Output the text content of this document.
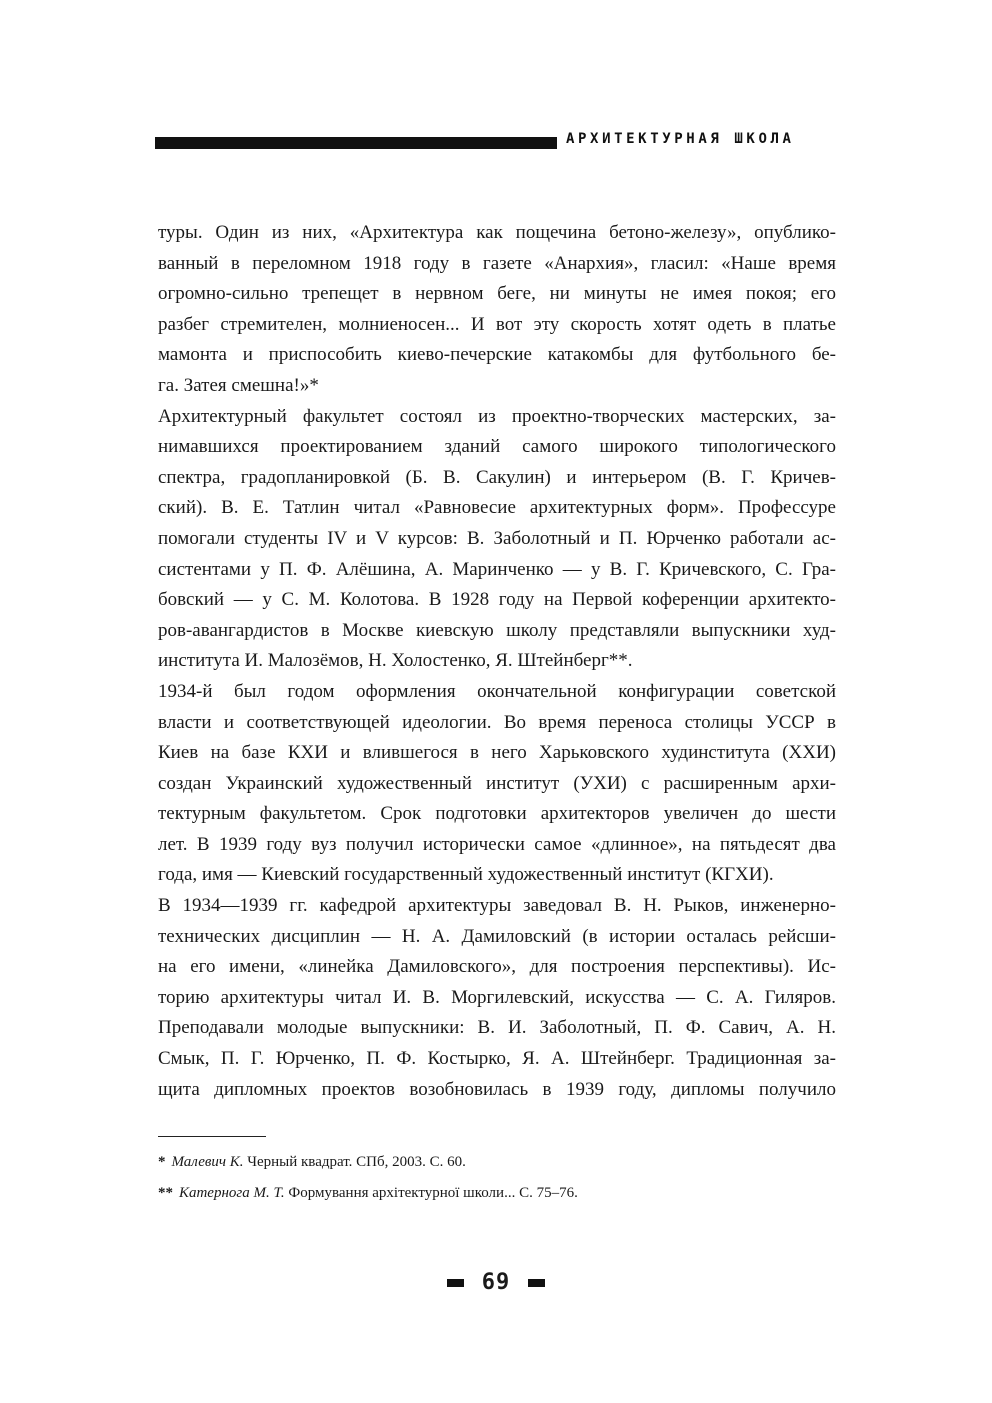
АРХИТЕКТУРНАЯ ШКОЛА
туры. Один из них, «Архитектура как пощечина бетоно-железу», опублико-
ванный в переломном 1918 году в газете «Анархия», гласил: «Наше время
огромно-сильно трепещет в нервном беге, ни минуты не имея покоя; его
разбег стремителен, молниеносен... И вот эту скорость хотят одеть в платье
мамонта и приспособить киево-печерские катакомбы для футбольного бе-
га. Затея смешна!»*
Архитектурный факультет состоял из проектно-творческих мастерских, за-
нимавшихся проектированием зданий самого широкого типологического
спектра, градопланировкой (Б. В. Сакулин) и интерьером (В. Г. Кричев-
ский). В. Е. Татлин читал «Равновесие архитектурных форм». Профессуре
помогали студенты IV и V курсов: В. Заболотный и П. Юрченко работали ас-
систентами у П. Ф. Алёшина, А. Маринченко — у В. Г. Кричевского, С. Гра-
бовский — у С. М. Колотова. В 1928 году на Первой коференции архитекто-
ров-авангардистов в Москве киевскую школу представляли выпускники худ-
института И. Малозёмов, Н. Холостенко, Я. Штейнберг**.
1934-й был годом оформления окончательной конфигурации советской
власти и соответствующей идеологии. Во время переноса столицы УССР в
Киев на базе КХИ и влившегося в него Харьковского худинститута (ХХИ)
создан Украинский художественный институт (УХИ) с расширенным архи-
тектурным факультетом. Срок подготовки архитекторов увеличен до шести
лет. В 1939 году вуз получил исторически самое «длинное», на пятьдесят два
года, имя — Киевский государственный художественный институт (КГХИ).
В 1934—1939 гг. кафедрой архитектуры заведовал В. Н. Рыков, инженерно-
технических дисциплин — Н. А. Дамиловский (в истории осталась рейсши-
на его имени, «линейка Дамиловского», для построения перспективы). Ис-
торию архитектуры читал И. В. Моргилевский, искусства — С. А. Гиляров.
Преподавали молодые выпускники: В. И. Заболотный, П. Ф. Савич, А. Н.
Смык, П. Г. Юрченко, П. Ф. Костырко, Я. А. Штейнберг. Традиционная за-
щита дипломных проектов возобновилась в 1939 году, дипломы получило
* Малевич К. Черный квадрат. СПб, 2003. С. 60.
** Катернога М. Т. Формування архітектурної школи... С. 75–76.
69
